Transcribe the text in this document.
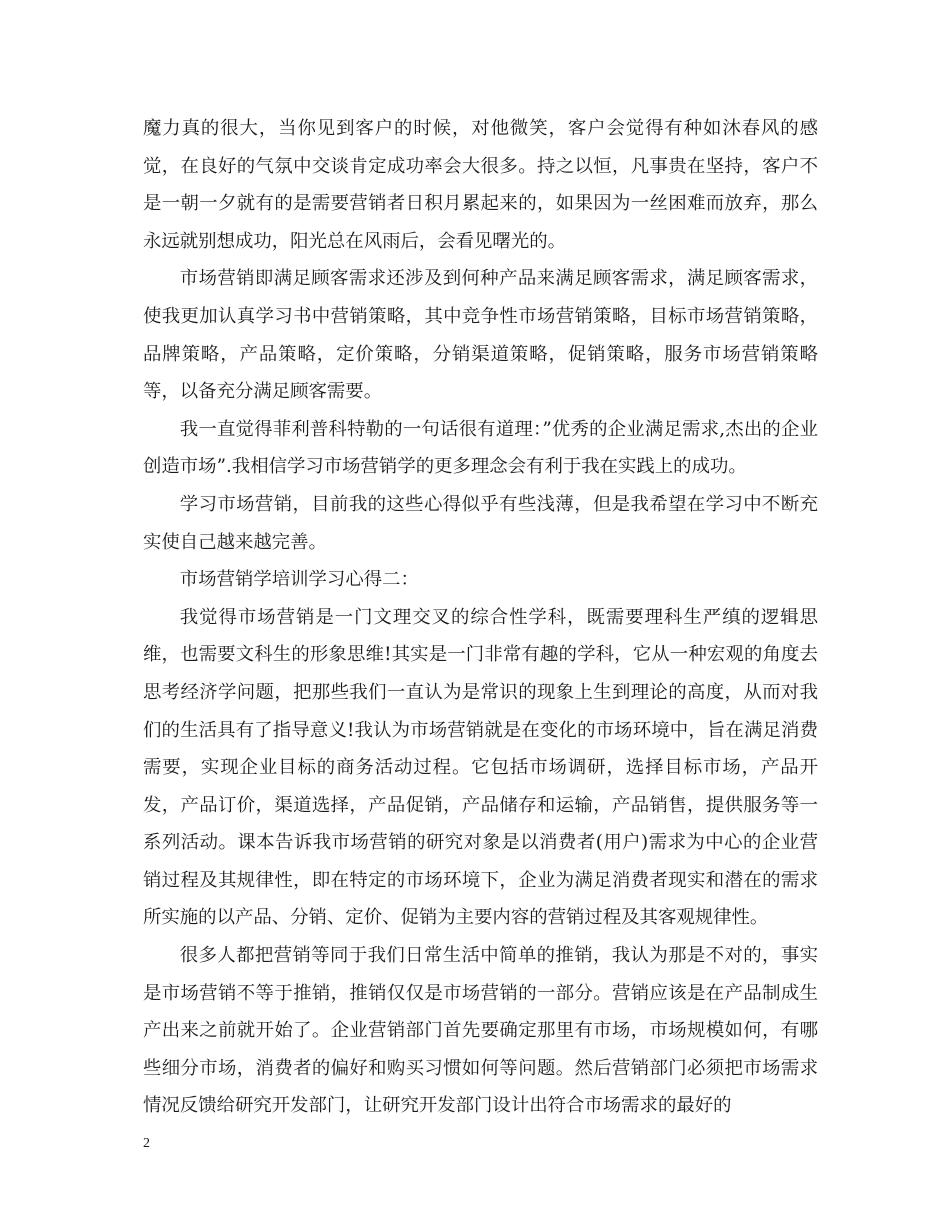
魔力真的很大，当你见到客户的时候，对他微笑，客户会觉得有种如沐春风的感觉，在良好的气氛中交谈肯定成功率会大很多。持之以恒，凡事贵在坚持，客户不是一朝一夕就有的是需要营销者日积月累起来的，如果因为一丝困难而放弃，那么永远就别想成功，阳光总在风雨后，会看见曙光的。

市场营销即满足顾客需求还涉及到何种产品来满足顾客需求，满足顾客需求，使我更加认真学习书中营销策略，其中竞争性市场营销策略，目标市场营销策略，品牌策略，产品策略，定价策略，分销渠道策略，促销策略，服务市场营销策略等，以备充分满足顾客需要。

我一直觉得菲利普科特勒的一句话很有道理：”优秀的企业满足需求,杰出的企业创造市场”.我相信学习市场营销学的更多理念会有利于我在实践上的成功。

学习市场营销，目前我的这些心得似乎有些浅薄，但是我希望在学习中不断充实使自己越来越完善。

市场营销学培训学习心得二：

我觉得市场营销是一门文理交叉的综合性学科，既需要理科生严缜的逻辑思维，也需要文科生的形象思维!其实是一门非常有趣的学科，它从一种宏观的角度去思考经济学问题，把那些我们一直认为是常识的现象上生到理论的高度，从而对我们的生活具有了指导意义!我认为市场营销就是在变化的市场环境中，旨在满足消费需要，实现企业目标的商务活动过程。它包括市场调研，选择目标市场，产品开发，产品订价，渠道选择，产品促销，产品储存和运输，产品销售，提供服务等一系列活动。课本告诉我市场营销的研究对象是以消费者(用户)需求为中心的企业营销过程及其规律性，即在特定的市场环境下，企业为满足消费者现实和潜在的需求所实施的以产品、分销、定价、促销为主要内容的营销过程及其客观规律性。

很多人都把营销等同于我们日常生活中简单的推销，我认为那是不对的，事实是市场营销不等于推销，推销仅仅是市场营销的一部分。营销应该是在产品制成生产出来之前就开始了。企业营销部门首先要确定那里有市场，市场规模如何，有哪些细分市场，消费者的偏好和购买习惯如何等问题。然后营销部门必须把市场需求情况反馈给研究开发部门，让研究开发部门设计出符合市场需求的最好的

2
